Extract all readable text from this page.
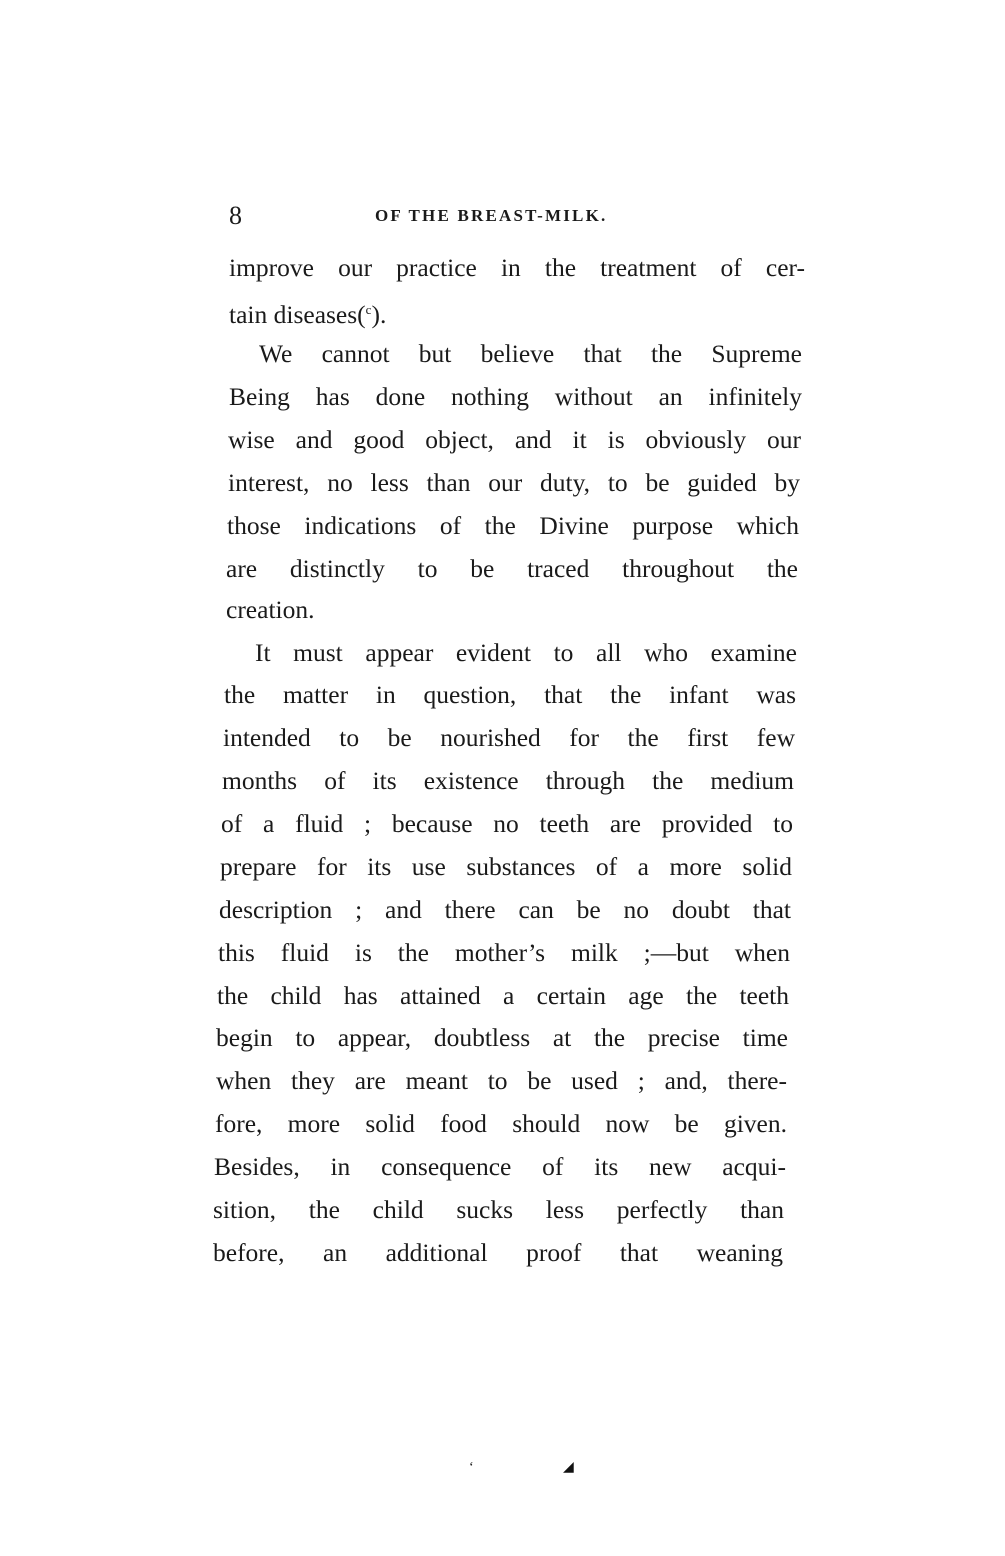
8	OF THE BREAST-MILK.
improve our practice in the treatment of cer-
tain diseases($^c$).
We cannot but believe that the Supreme
Being has done nothing without an infinitely
wise and good object, and it is obviously our
interest, no less than our duty, to be guided by
those indications of the Divine purpose which
are distinctly to be traced throughout the
creation.
It must appear evident to all who examine
the matter in question, that the infant was
intended to be nourished for the first few
months of its existence through the medium
of a fluid ; because no teeth are provided to
prepare for its use substances of a more solid
description ; and there can be no doubt that
this fluid is the mother’s milk ;—but when
the child has attained a certain age the teeth
begin to appear, doubtless at the precise time
when they are meant to be used ; and, there-
fore, more solid food should now be given.
Besides, in consequence of its new acqui-
sition, the child sucks less perfectly than
before, an additional proof that weaning
‘	◢
